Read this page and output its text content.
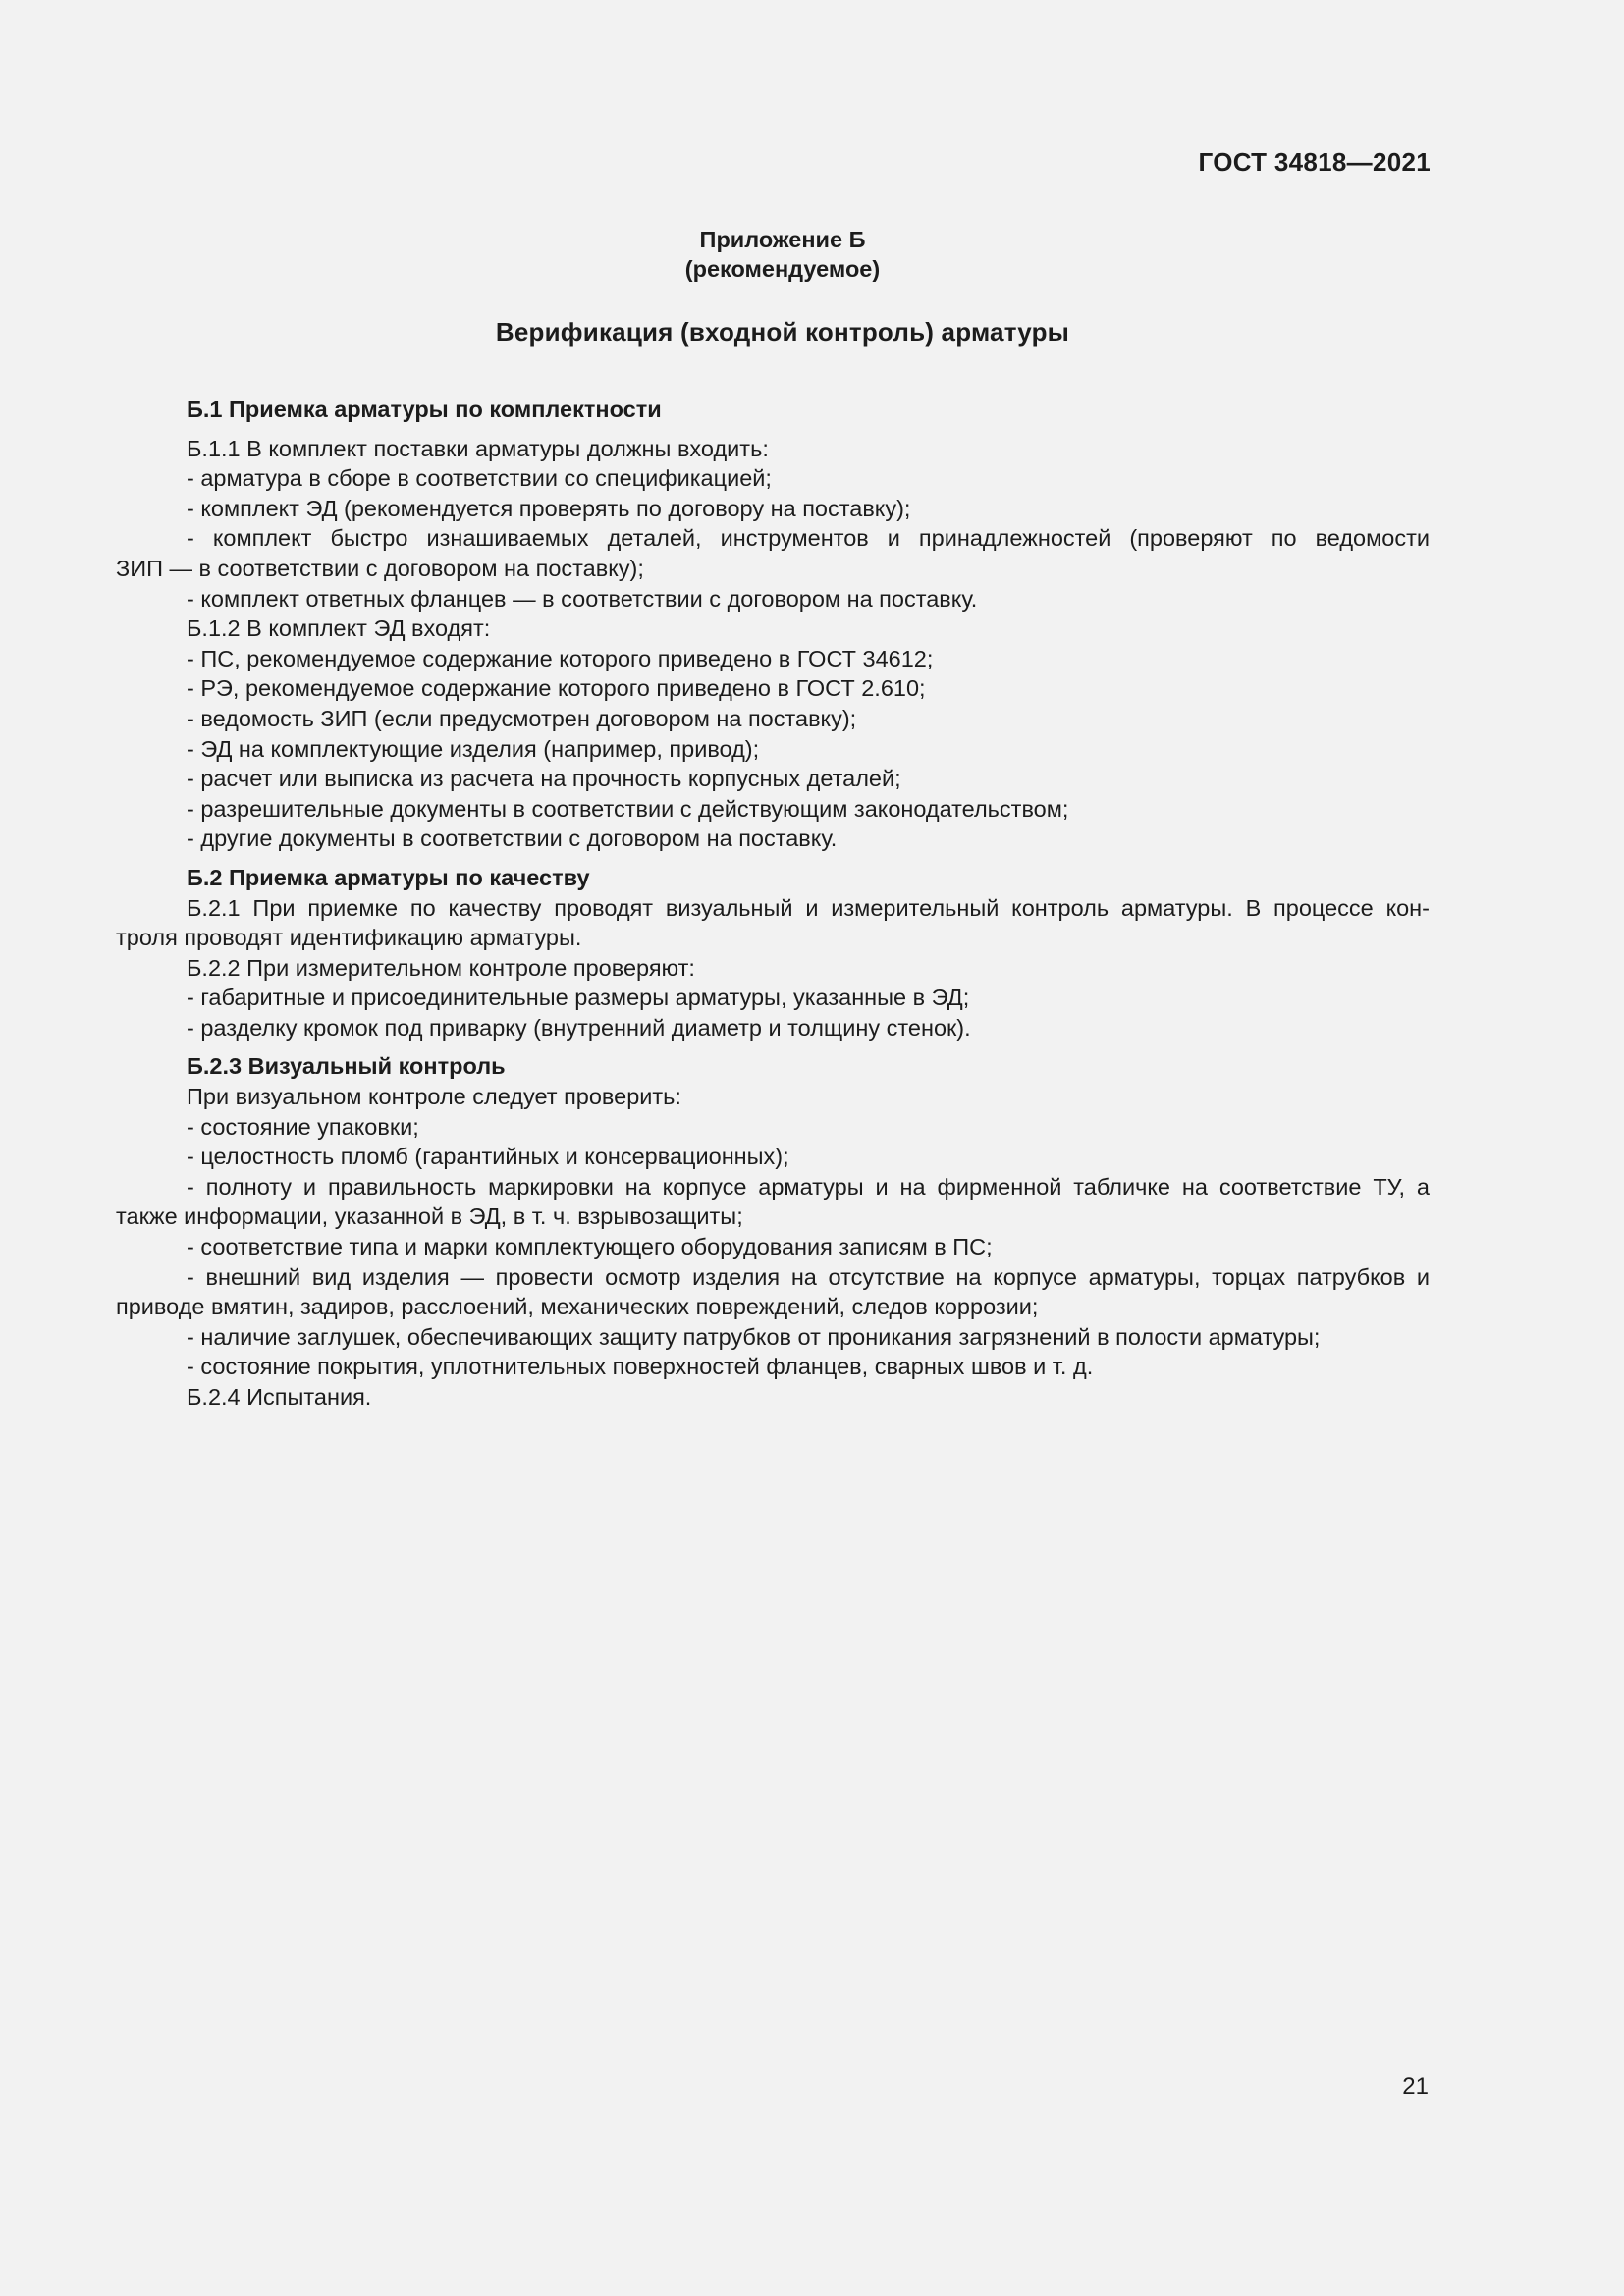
ГОСТ 34818—2021
Приложение Б
(рекомендуемое)
Верификация (входной контроль) арматуры
Б.1 Приемка арматуры по комплектности
Б.1.1 В комплект поставки арматуры должны входить:
- арматура в сборе в соответствии со спецификацией;
- комплект ЭД (рекомендуется проверять по договору на поставку);
- комплект быстро изнашиваемых деталей, инструментов и принадлежностей (проверяют по ведомости
ЗИП — в соответствии с договором на поставку);
- комплект ответных фланцев — в соответствии с договором на поставку.
Б.1.2 В комплект ЭД входят:
- ПС, рекомендуемое содержание которого приведено в ГОСТ 34612;
- РЭ, рекомендуемое содержание которого приведено в ГОСТ 2.610;
- ведомость ЗИП (если предусмотрен договором на поставку);
- ЭД на комплектующие изделия (например, привод);
- расчет или выписка из расчета на прочность корпусных деталей;
- разрешительные документы в соответствии с действующим законодательством;
- другие документы в соответствии с договором на поставку.
Б.2 Приемка арматуры по качеству
Б.2.1 При приемке по качеству проводят визуальный и измерительный контроль арматуры. В процессе кон-
троля проводят идентификацию арматуры.
Б.2.2 При измерительном контроле проверяют:
- габаритные и присоединительные размеры арматуры, указанные в ЭД;
- разделку кромок под приварку (внутренний диаметр и толщину стенок).
Б.2.3 Визуальный контроль
При визуальном контроле следует проверить:
- состояние упаковки;
- целостность пломб (гарантийных и консервационных);
- полноту и правильность маркировки на корпусе арматуры и на фирменной табличке на соответствие ТУ, а
также информации, указанной в ЭД, в т. ч. взрывозащиты;
- соответствие типа и марки комплектующего оборудования записям в ПС;
- внешний вид изделия — провести осмотр изделия на отсутствие на корпусе арматуры, торцах патрубков и
приводе вмятин, задиров, расслоений, механических повреждений, следов коррозии;
- наличие заглушек, обеспечивающих защиту патрубков от проникания загрязнений в полости арматуры;
- состояние покрытия, уплотнительных поверхностей фланцев, сварных швов и т. д.
Б.2.4 Испытания.
21
